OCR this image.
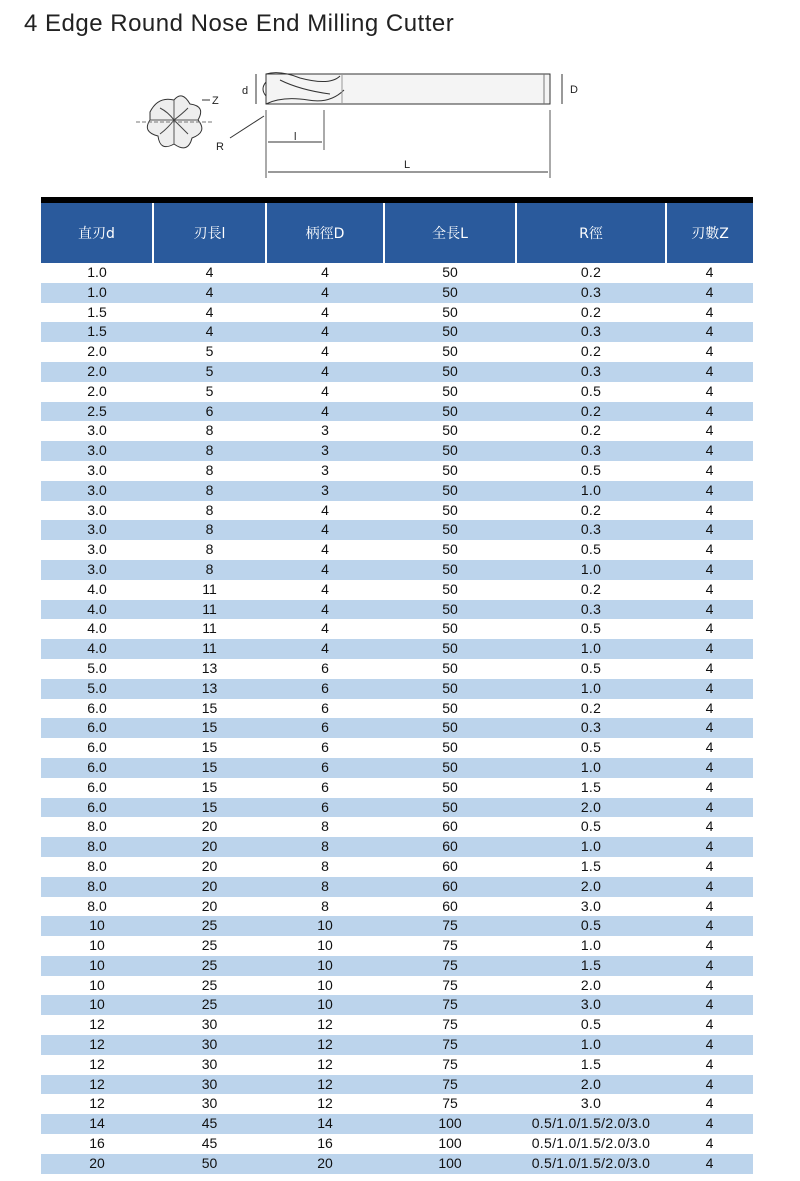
4 Edge Round Nose End Milling Cutter
Z
R
d	D
l
L
直刃d	刃長l	柄徑D	全長L	R徑	刃數Z
1.0	4	4	50	0.2	4
1.0	4	4	50	0.3	4
1.5	4	4	50	0.2	4
1.5	4	4	50	0.3	4
2.0	5	4	50	0.2	4
2.0	5	4	50	0.3	4
2.0	5	4	50	0.5	4
2.5	6	4	50	0.2	4
3.0	8	3	50	0.2	4
3.0	8	3	50	0.3	4
3.0	8	3	50	0.5	4
3.0	8	3	50	1.0	4
3.0	8	4	50	0.2	4
3.0	8	4	50	0.3	4
3.0	8	4	50	0.5	4
3.0	8	4	50	1.0	4
4.0	11	4	50	0.2	4
4.0	11	4	50	0.3	4
4.0	11	4	50	0.5	4
4.0	11	4	50	1.0	4
5.0	13	6	50	0.5	4
5.0	13	6	50	1.0	4
6.0	15	6	50	0.2	4
6.0	15	6	50	0.3	4
6.0	15	6	50	0.5	4
6.0	15	6	50	1.0	4
6.0	15	6	50	1.5	4
6.0	15	6	50	2.0	4
8.0	20	8	60	0.5	4
8.0	20	8	60	1.0	4
8.0	20	8	60	1.5	4
8.0	20	8	60	2.0	4
8.0	20	8	60	3.0	4
10	25	10	75	0.5	4
10	25	10	75	1.0	4
10	25	10	75	1.5	4
10	25	10	75	2.0	4
10	25	10	75	3.0	4
12	30	12	75	0.5	4
12	30	12	75	1.0	4
12	30	12	75	1.5	4
12	30	12	75	2.0	4
12	30	12	75	3.0	4
14	45	14	100	0.5/1.0/1.5/2.0/3.0	4
16	45	16	100	0.5/1.0/1.5/2.0/3.0	4
20	50	20	100	0.5/1.0/1.5/2.0/3.0	4
